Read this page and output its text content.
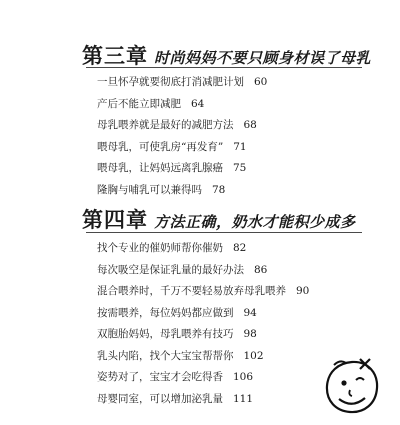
第三章 时尚妈妈不要只顾身材误了母乳
一旦怀孕就要彻底打消减肥计划 60
产后不能立即减肥 64
母乳喂养就是最好的减肥方法 68
喂母乳，可使乳房“再发育” 71
喂母乳，让妈妈远离乳腺癌 75
隆胸与哺乳可以兼得吗 78
第四章 方法正确，奶水才能积少成多
找个专业的催奶师帮你催奶 82
每次吸空是保证乳量的最好办法 86
混合喂养时，千万不要轻易放弃母乳喂养 90
按需喂养，每位妈妈都应做到 94
双胞胎妈妈，母乳喂养有技巧 98
乳头内陷，找个大宝宝帮帮你 102
姿势对了，宝宝才会吃得香 106
母婴同室，可以增加泌乳量 111
